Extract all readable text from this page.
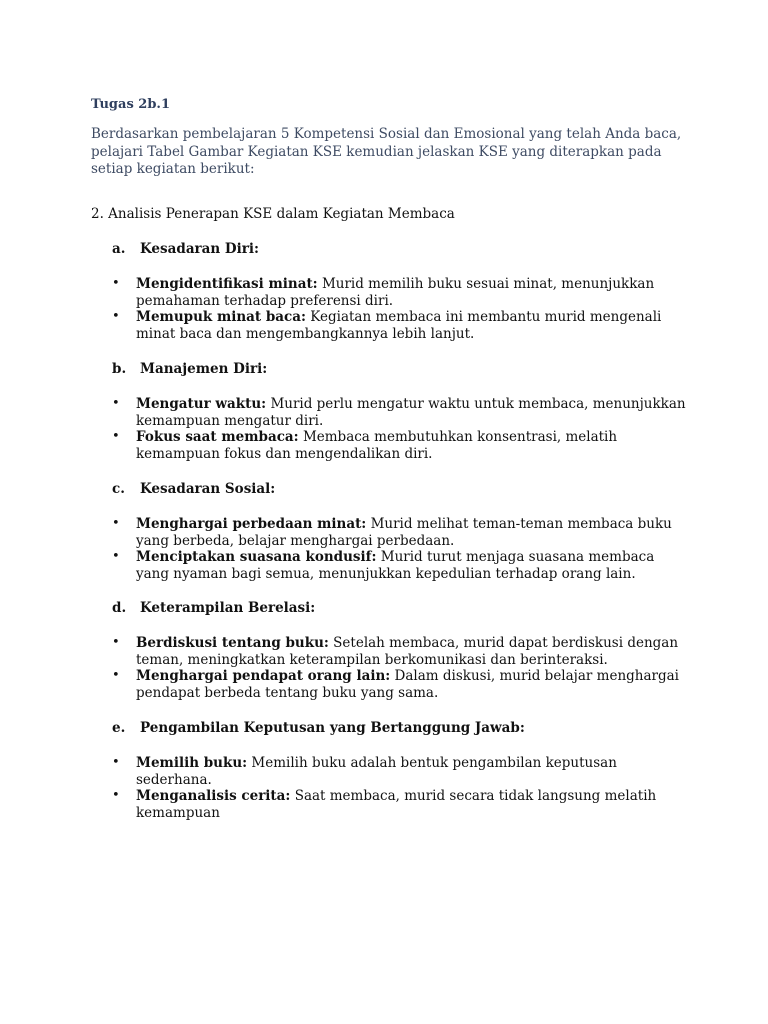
Tugas 2b.1

Berdasarkan pembelajaran 5 Kompetensi Sosial dan Emosional yang telah Anda baca, pelajari Tabel Gambar Kegiatan KSE kemudian jelaskan KSE yang diterapkan pada setiap kegiatan berikut:

2. Analisis Penerapan KSE dalam Kegiatan Membaca

a. Kesadaran Diri:

• Mengidentifikasi minat: Murid memilih buku sesuai minat, menunjukkan pemahaman terhadap preferensi diri.
• Memupuk minat baca: Kegiatan membaca ini membantu murid mengenali minat baca dan mengembangkannya lebih lanjut.

b. Manajemen Diri:

• Mengatur waktu: Murid perlu mengatur waktu untuk membaca, menunjukkan kemampuan mengatur diri.
• Fokus saat membaca: Membaca membutuhkan konsentrasi, melatih kemampuan fokus dan mengendalikan diri.

c. Kesadaran Sosial:

• Menghargai perbedaan minat: Murid melihat teman-teman membaca buku yang berbeda, belajar menghargai perbedaan.
• Menciptakan suasana kondusif: Murid turut menjaga suasana membaca yang nyaman bagi semua, menunjukkan kepedulian terhadap orang lain.

d. Keterampilan Berelasi:

• Berdiskusi tentang buku: Setelah membaca, murid dapat berdiskusi dengan teman, meningkatkan keterampilan berkomunikasi dan berinteraksi.
• Menghargai pendapat orang lain: Dalam diskusi, murid belajar menghargai pendapat berbeda tentang buku yang sama.

e. Pengambilan Keputusan yang Bertanggung Jawab:

• Memilih buku: Memilih buku adalah bentuk pengambilan keputusan sederhana.
• Menganalisis cerita: Saat membaca, murid secara tidak langsung melatih kemampuan
